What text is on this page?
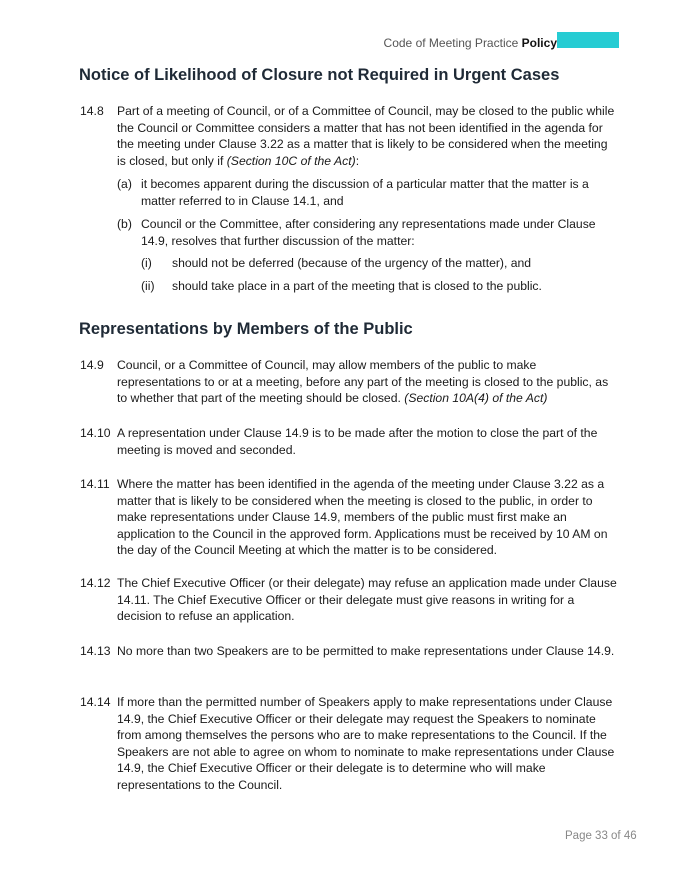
Code of Meeting Practice Policy
Notice of Likelihood of Closure not Required in Urgent Cases
14.8 Part of a meeting of Council, or of a Committee of Council, may be closed to the public while the Council or Committee considers a matter that has not been identified in the agenda for the meeting under Clause 3.22 as a matter that is likely to be considered when the meeting is closed, but only if (Section 10C of the Act):
(a) it becomes apparent during the discussion of a particular matter that the matter is a matter referred to in Clause 14.1, and
(b) Council or the Committee, after considering any representations made under Clause 14.9, resolves that further discussion of the matter:
(i) should not be deferred (because of the urgency of the matter), and
(ii) should take place in a part of the meeting that is closed to the public.
Representations by Members of the Public
14.9 Council, or a Committee of Council, may allow members of the public to make representations to or at a meeting, before any part of the meeting is closed to the public, as to whether that part of the meeting should be closed. (Section 10A(4) of the Act)
14.10 A representation under Clause 14.9 is to be made after the motion to close the part of the meeting is moved and seconded.
14.11 Where the matter has been identified in the agenda of the meeting under Clause 3.22 as a matter that is likely to be considered when the meeting is closed to the public, in order to make representations under Clause 14.9, members of the public must first make an application to the Council in the approved form. Applications must be received by 10 AM on the day of the Council Meeting at which the matter is to be considered.
14.12 The Chief Executive Officer (or their delegate) may refuse an application made under Clause 14.11. The Chief Executive Officer or their delegate must give reasons in writing for a decision to refuse an application.
14.13 No more than two Speakers are to be permitted to make representations under Clause 14.9.
14.14 If more than the permitted number of Speakers apply to make representations under Clause 14.9, the Chief Executive Officer or their delegate may request the Speakers to nominate from among themselves the persons who are to make representations to the Council. If the Speakers are not able to agree on whom to nominate to make representations under Clause 14.9, the Chief Executive Officer or their delegate is to determine who will make representations to the Council.
Page 33 of 46
